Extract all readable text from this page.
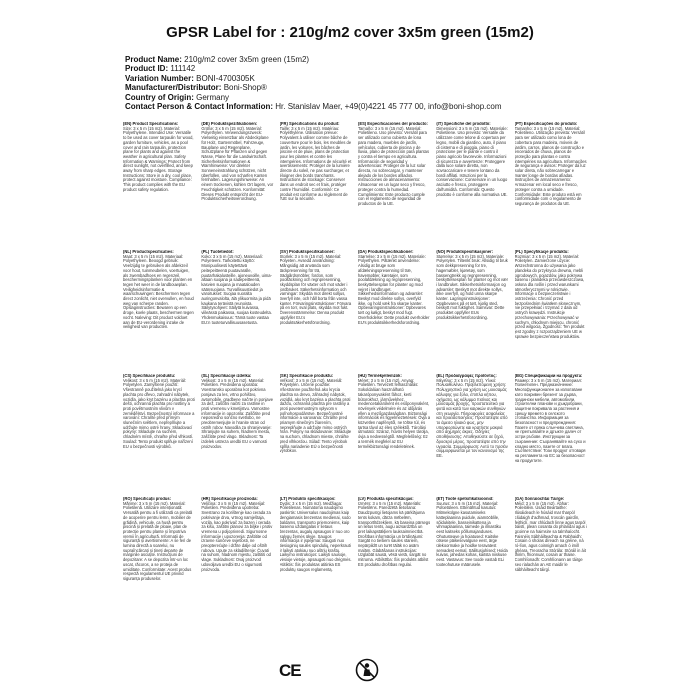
GPSR Label for : 210g/m2 cover 3x5m green (15m2)
Product Name: 210g/m2 cover 3x5m green (15m2)
Product ID: 111142
Variation Number: BONI-4700305K
Manufacturer/Distributor: Boni-Shop®
Country of Origin: Germany
Contact Person & Contact Information: Hr. Stanislav Maer, +49(0)4221 45 777 00, info@boni-shop.com
(EN) Product Specifications:
Size: 3 x 5 m (15 m2). Material: Polyethylene. Intended Use: Versatile to be used as cover tarpaulin for wood, garden furniture, vehicles, as a pool cover and rain tarpaulin, protection plane for plants and against the weather in agricultural plan. Safety Information & Warnings: Protect from direct sunlight, not overfilled, and keep away from sharp edges. Storage Instructions: Store in a dry, cool place, protect against moisture. Compliance: This product complies with the EU product safety regulation.
(DE) Produktspezifikationen:
Größe: 3 x 5 m (15 m2). Material: Polyethylen. Verwendungszweck: Vielseitig einsetzbar als Abdeckplane für Holz, Gartenmöbel, Fahrzeuge, Bauplane und Regenplane, Schutzplane für Pflanzen und gegen Nässe, Plane für die Landwirtschaft. Sicherheitsinformationen & Warnhinweise: Vor direkter Sonneneinstrahlung schützen, nicht überfüllen, und von scharfen Kanten fernhalten. Lagerungshinweise: An einem trockenen, kühlen Ort lagern, vor Feuchtigkeit schützen. Konformität: Dieses Produkt entspricht der EU-Produktsicherheitsverordnung.
(FR) Spécifications du produit:
Taille: 3 x 5 m (15 m2). Matériau: Polyéthylène. Utilisation prévue: Polyvalent à utiliser comme bâche de couverture pour le bois, les meubles de jardin, les voitures, les bâches de piscine et de pluie, plans de protection pour les plantes et contre les intempéries. Informations de sécurité et avertissements: Protéger de la lumière directe du soleil, ne pas surcharger, et éloigner des bords tranchants. Instructions de stockage: Conserver dans un endroit sec et frais, protéger contre l'humidité. Conformité: Ce produit est conforme au règlement de l'UE sur la sécurité.
(ES) Especificaciones del producto:
Tamaño: 3 x 5 m (15 m2). Material: Polietileno. Uso previsto: Versátil para ser utilizado como cubierta de lona para madera, muebles de jardín, vehículos, cubierta de piscina y de lluvia, plano de protección para plantas y contra el tiempo en agricultura. Información de seguridad y advertencias: Proteger de la luz solar directa, no sobrecargar, y mantener alejado de los bordes afilados. Instrucciones de almacenamiento: Almacenar en un lugar seco y fresco, proteger contra la humedad. Cumplimiento: Este producto cumple con el reglamento de seguridad de productos de la UE.
(IT) Specifiche del prodotto:
Dimensioni: 3 x 5 m (15 m2). Materiale: Polietilene. Uso previsto: Versatile da utilizzare come telone di copertura per legno, mobili da giardino, auto, il piano di cisterna e di pioggia, piano di protezione per le piante e contro il piano agricolo favorevole. Informazioni di sicurezza e avvertenze: Proteggere dalla luce solare diretta, non sovraccaricare e tenere lontano da bordi affilati. Istruzioni per la conservazione: Conservare in un luogo asciutto e fresco, proteggere dall'umidità. Conformità: Questo prodotto è conforme alla normativa UE.
(PT) Especificações do produto:
Tamanho: 3 x 5 m (15 m2). Material: Polietileno. Utilização prevista: Versátil para ser utilizado como lona de cobertura para madeira, móveis de jardim, carros, planos de construção e encerados de chuva, planos de proteção para plantas e contra intempéries na agricultura. Informações de segurança e avisos: Proteger da luz solar direta, não sobrecarregar e manter longe de bordas afiadas. Instruções de armazenamento: Armazenar em local seco e fresco, proteger contra a umidade. Conformidade: Este produto está em conformidade com o regulamento de segurança de produtos da UE.
(NL) Productspecificaties:
Maat: 3 x 5 m (15 m2). Materiaal: Polyethyleen. Beoogd gebruik: Veelzijdig te gebruiken als afdekzeil voor hout, tuinmeubelen, voertuigen, als zwembadhoes en regenzeil, beschermingsplanken voor planten en tegen het weer in de landbouwplan. Veiligheidsinformatie & waarschuwingen: Beschermen tegen direct zonlicht, niet overvullen, en houd weg van scherpe randen. Opslaginstructies: Bewaren op een droge, koele plaats, beschermen tegen vocht. Naleving: Dit product voldoet aan de EU-verordening inzake de veiligheid van producten.
(PL) Tuotetiedot:
Koko: 3 x 5 m (15 m2). Materiaali: Polyeteeni. Tarkoitettu käyttö: Monipuolisesti käytettävä peitepeitteenä puutavaralle, puutarhakalusteille, ajoneuvoille, uima-altaan suojana ja sadepeitteenä, kasvien suojana ja maatalouden säänsuojana. Turvallisuustiedot ja varoitukset: Suojaa suoralta auringonvalolta, älä ylikuormita ja pidä kaukana terävistä reunoista. Säilytysohjeet: Säilytä kuivassa, viileässä paikassa, suojaa kosteudelta. Yhdenmukaisuus: Tämä tuote vastaa EU:n tuoteturvallisuusasetusta.
(SV) Produktspecifikationer:
Storlek: 3 x 5 m (15 m2). Material: Polyeten. Avsedd användning: Mångsidig att använda som täckpresenning för trä, trädgårdsmöbler, fordon, som pooltäckning och regnpresenning, skyddsplan för växter och mot väder i jordbruket. Säkerhetsinformation och varningar: Skydda mot direkt solljus, överfyll inte, och håll borta från vassa kanter. Förvaringsinstruktioner: Förvara på en torr, sval plats, skydda mot fukt. Överensstämmelse: Denna produkt uppfyller EU:s produktsäkerhetsförordning.
(DA) Produktspecifikationer:
Størrelse: 3 x 5 m (15 m2). Materiale: Polyethylen. Påtænkt anvendelse: Alsidig at bruge som afdækningspresenning til træ, havemøbler, køretøjer, som poolafdækning og regnpresenning, beskyttelsesplan for planter og mod vejret i landbruget. Sikkerhedsinformation og advarsler: Beskyt mod direkte sollys, overfyld ikke, og hold væk fra skarpe kanter. Opbevaringsinstruktioner: Opbevares tørt og køligt, beskyt mod fugt. Overholdelse: Dette produkt overholder EU's produktsikkerhedsforordning.
(NO) Produktspesifikasjoner:
Størrelse: 3 x 5 m (15 m2). Materiale: Polyetylen. Tiltenkt bruk: Allsidig til bruk som dekkpresenning for tre, hagemøbler, kjøretøy, som bassengtrekk og regnpresenning, beskyttelsesplan for planter og mot vær i landbruket. Sikkerhetsinformasjon og advarsler: Beskytt mot direkte sollys, ikke overfyll, og hold unna skarpe kanter. Lagringsinstruksjoner: Oppbevares på et tørt, kjølig sted, beskytt mot fuktighet. Samsvar: Dette produktet oppfyller EUs produktsikkerhetsforordning.
(PL) Specyfikacje produktu:
Rozmiar: 3 x 5 m (15 m2). Materiał: Polietylen. Zamierzone użycie: Wszechstronna do używania jako plandeka do przykrycia drewna, mebli ogrodowych, pojazdów, jako pokrywa basenu i plandeka przeciwdeszczowa, osłona dla roślin i przed warunkami atmosferycznymi w rolnictwie. Informacje o bezpieczeństwie i ostrzeżenia: Chronić przed bezpośrednim światłem słonecznym, nie przepełniać i trzymać z dala od ostrych krawędzi. Instrukcje przechowywania: Przechowywać w suchym, chłodnym miejscu, chronić przed wilgocią. Zgodność: Ten produkt jest zgodny z rozporządzeniem UE w sprawie bezpieczeństwa produktów.
(CS) Specifikace produktu:
Velikost: 3 x 5 m (15 m2). Materiál: Polyetylen. Zamýšlené použití: Všestranně použitelná jako krycí plachta pro dřevo, zahradní nábytek, vozidla, jako kryt bazénu a plachta proti dešti, ochranná plachta pro rostliny a proti povětrnostním vlivům v zemědělství. Bezpečnostní informace a varování: Chraňte před přímým slunečním světlem, nepřeplňujte a udržujte mimo ostré hrany. Skladovací pokyny: Skladujte na suchém, chladném místě, chraňte před vlhkostí. Soulad: Tento produkt splňuje nařízení EU o bezpečnosti výrobků.
(SL) Specifikacije izdelka:
Velikost: 3 x 5 m (15 m2). Material: Polietilen. Predvidena uporaba: Vsestransko uporabna kot pokrivna ponjava za les, vrtno pohištvo, avtomobile, gradbene načrte in ponjave za dež, zaščitni načrti za rastline in proti vremenu v kmetijstvu. Varnostne informacije in opozorila: Zaščitite pred neposredno sončno svetlobo, ne preobremenjujte in hranite stran od ostrih robov. Navodila za shranjevanje: Shranjujte na suhem, hladnem mestu, zaščitite pred vlago. Skladnost: Ta izdelek ustreza uredbi EU o varnosti proizvodov.
(SK) Špecifikácie produktu:
Veľkosť: 3 x 5 m (15 m2). Materiál: Polyetylén. Určené použitie: Všestranne použiteľná ako krycia plachta na drevo, záhradný nábytok, vozidlá, ako kryt bazéna a plachta proti dažďu, ochranná plachta pre rastliny a proti poveternostným vplyvom v poľnohospodárstve. Bezpečnostné informácie a varovania: Chráňte pred priamym slnečným žiarením, nepreplňujte a udržujte mimo ostrých hrán. Pokyny na skladovanie: Skladujte na suchom, chladnom mieste, chráňte pred vlhkosťou. Súlad: Tento výrobok spĺňa nariadenie EÚ o bezpečnosti výrobkov.
(HU) Termékjellemzők:
Méret: 3 x 5 m (15 m2). Anyag: Polietilén. Tervezett felhasználás: Sokoldalúan használható takaróponyvaként fához, kerti bútorokhoz, járművekhez, medencetakaróként és esőponyvaként, növények védelmére és az időjárás ellen a mezőgazdaságban. Biztonsági információk és figyelmeztetések: Óvja a közvetlen napfénytől, ne töltse túl, és tartsa távol az éles szélektől. Tárolási útmutató: Száraz, hűvös helyen tárolja, óvja a nedvességtől. Megfelelőség: Ez a termék megfelel az EU termékbiztonsági rendeletének.
(EL) Προδιαγραφές προϊόντος:
Μέγεθος: 3 x 5 m (15 m2). Υλικό: Πολυαιθυλένιο. Προβλεπόμενη χρήση: Πολυχρηστικό για χρήση ως μουσαμάς κάλυψης για ξύλο, έπιπλα κήπου, οχήματα, ως κάλυμμα πισίνας και μουσαμάς βροχής, προστατευτικό για φυτά και κατά των καιρικών συνθηκών στη γεωργία. Πληροφορίες ασφαλείας και προειδοποιήσεις: Προστατέψτε από το άμεσο ηλιακό φως, μην υπερφορτώνετε και κρατήστε μακριά από αιχμηρές άκρες. Οδηγίες αποθήκευσης: Αποθηκεύστε σε ξηρό, δροσερό μέρος, προστατέψτε από την υγρασία. Συμμόρφωση: Αυτό το προϊόν συμμορφώνεται με τον κανονισμό της ΕΕ.
(BG) Спецификации на продукта:
Размер: 3 x 5 m (15 m2). Материал: Полиетилен. Предназначение: Многофункционален за използване като покривен брезент за дърва, градински мебели, автомобили, строителни планове и дъждобрани, защитни покривала за растения и срещу времето в селското стопанство. Информация за безопасност и предупреждения: Пазете от пряка слънчева светлина, не препълвайте и дръжте далеч от остри ръбове. Инструкции за съхранение: Съхранявайте на сухо и хладно място, пазете от влага. Съответствие: Този продукт отговаря на регламента на ЕС за безопасност на продуктите.
(RO) Specificații produs:
Mărime: 3 x 5 m (15 m2). Material: Polietilenă. Utilizare intenționată: Versatilă pentru a fi utilizată ca prelată de acoperire pentru lemn, mobilier de grădină, vehicule, ca husă pentru piscină și prelată de ploaie, plan de protecție pentru plante și împotriva vremii în agricultură. Informații de siguranță și avertismente: A se feri de lumina directă a soarelui, nu supraîncărcați și țineți departe de marginile ascuțite. Instrucțiuni de depozitare: A se depozita într-un loc uscat, răcoros, a se proteja de umiditate. Conformitate: Acest produs respectă regulamentul UE privind siguranța produselor.
(HR) Specifikacije proizvoda:
Veličina: 3 x 5 m (15 m2). Materijal: Polietilen. Predviđena upotreba: Svestrano za korištenje kao cerada za pokrivanje drva, vrtnog namještaja, vozila, kao pokrivač za bazen i cerada za kišu, zaštitni planovi za biljke i protiv vremena u poljoprivredi. Sigurnosne informacije i upozorenja: Zaštitite od izravne sunčeve svjetlosti, ne preopterećujte i držite dalje od oštrih rubova. Upute za skladištenje: Čuvati na suhom, hladnom mjestu, zaštititi od vlage. Sukladnost: Ovaj proizvod udovoljava uredbi EU o sigurnosti proizvoda.
(LT) Produkto specifikacijos:
Dydis: 3 x 5 m (15 m2). Medžiaga: Polietilenas. Numatoma naudojimo paskirtis: Universalus naudojimas kaip dengiamasis brezentas medienai, sodo baldams, transporto priemonėms, kaip baseino uždangalas ir lietaus brezentas, augalų apsaugos ir nuo oro sąlygų žemės ūkyje. Saugos informacija ir įspėjimai: Saugoti nuo tiesioginių saulės spindulių, neperkrauti ir laikyti atokiau nuo aštrių kraštų. Laikymo instrukcijos: Laikyti sausoje, vėsioje vietoje, apsaugoti nuo drėgmės. Atitiktis: Šis produktas atitinka ES produktų saugos reglamentą.
(LV) Produkta specifikācijas:
Izmērs: 3 x 5 m (15 m2). Materiāls: Polietilēns. Paredzētā lietošana: Daudzpusīgi lietojams kā pārklājuma tents kokam, dārza mēbelēm, transportlīdzekļiem, kā baseina pārsegs un lietus tents, augu aizsardzība un pret laikapstākļiem lauksaimniecībā. Drošības informācija un brīdinājumi: Sargāt no tiešiem saules stariem, nepārpildīt un turēt tālāk no asām malām. Glabāšanas instrukcijas: Uzglabāt sausā, vēsā vietā, sargāt no mitruma. Atbilstība: Šis produkts atbilst ES produktu drošības regulai.
(ET) Toote spetsifikatsioonid:
Suurus: 3 x 5 m (15 m2). Materjal: Polüetüleen. Ettenähtud kasutus: Mitmekülgne kasutamiseks katteplaanina puidule, aiamööblile, sõidukitele, basseinikattena ja vihmaplaanina, taimede ja ilmastiku eest kaitseks põllumajanduses. Ohutusteave ja hoiatused: Kaitske otsese päikesevalguse eest, ärge ülekoormake ja hoidke teravatest servadest eemal. Säilitusjuhised: Hoida kuivas, jahedas kohas, kaitsta niiskuse eest. Vastavus: See toode vastab ELi tooteohutuse määrusele.
(GA) Sonraíochtaí Táirge:
Méid: 3 x 5 m (15 m2). Ábhar: Poileitiléin. Úsáid Beartaithe: Ilúsáideach le húsáid mar tharpól clúdaigh d'adhmad, troscán gairdín, feithiclí, mar chlúdach linne agus tarpól báistí, plean cosanta do phlandaí agus i gcoinne na haimsire sa talmhaíocht. Faisnéis Sábháilteachta & Rabhaidh: Cosain ó sholas díreach na gréine, ná ró-líon, agus coinnigh amach ó imill ghéara. Treoracha Stórála: Stóráil in áit thirim, fhionnuar, cosain ar thaise. Comhlíonadh: Comhlíonann an táirge seo rialachán an AE maidir le sábháilteacht táirgí.
CE
